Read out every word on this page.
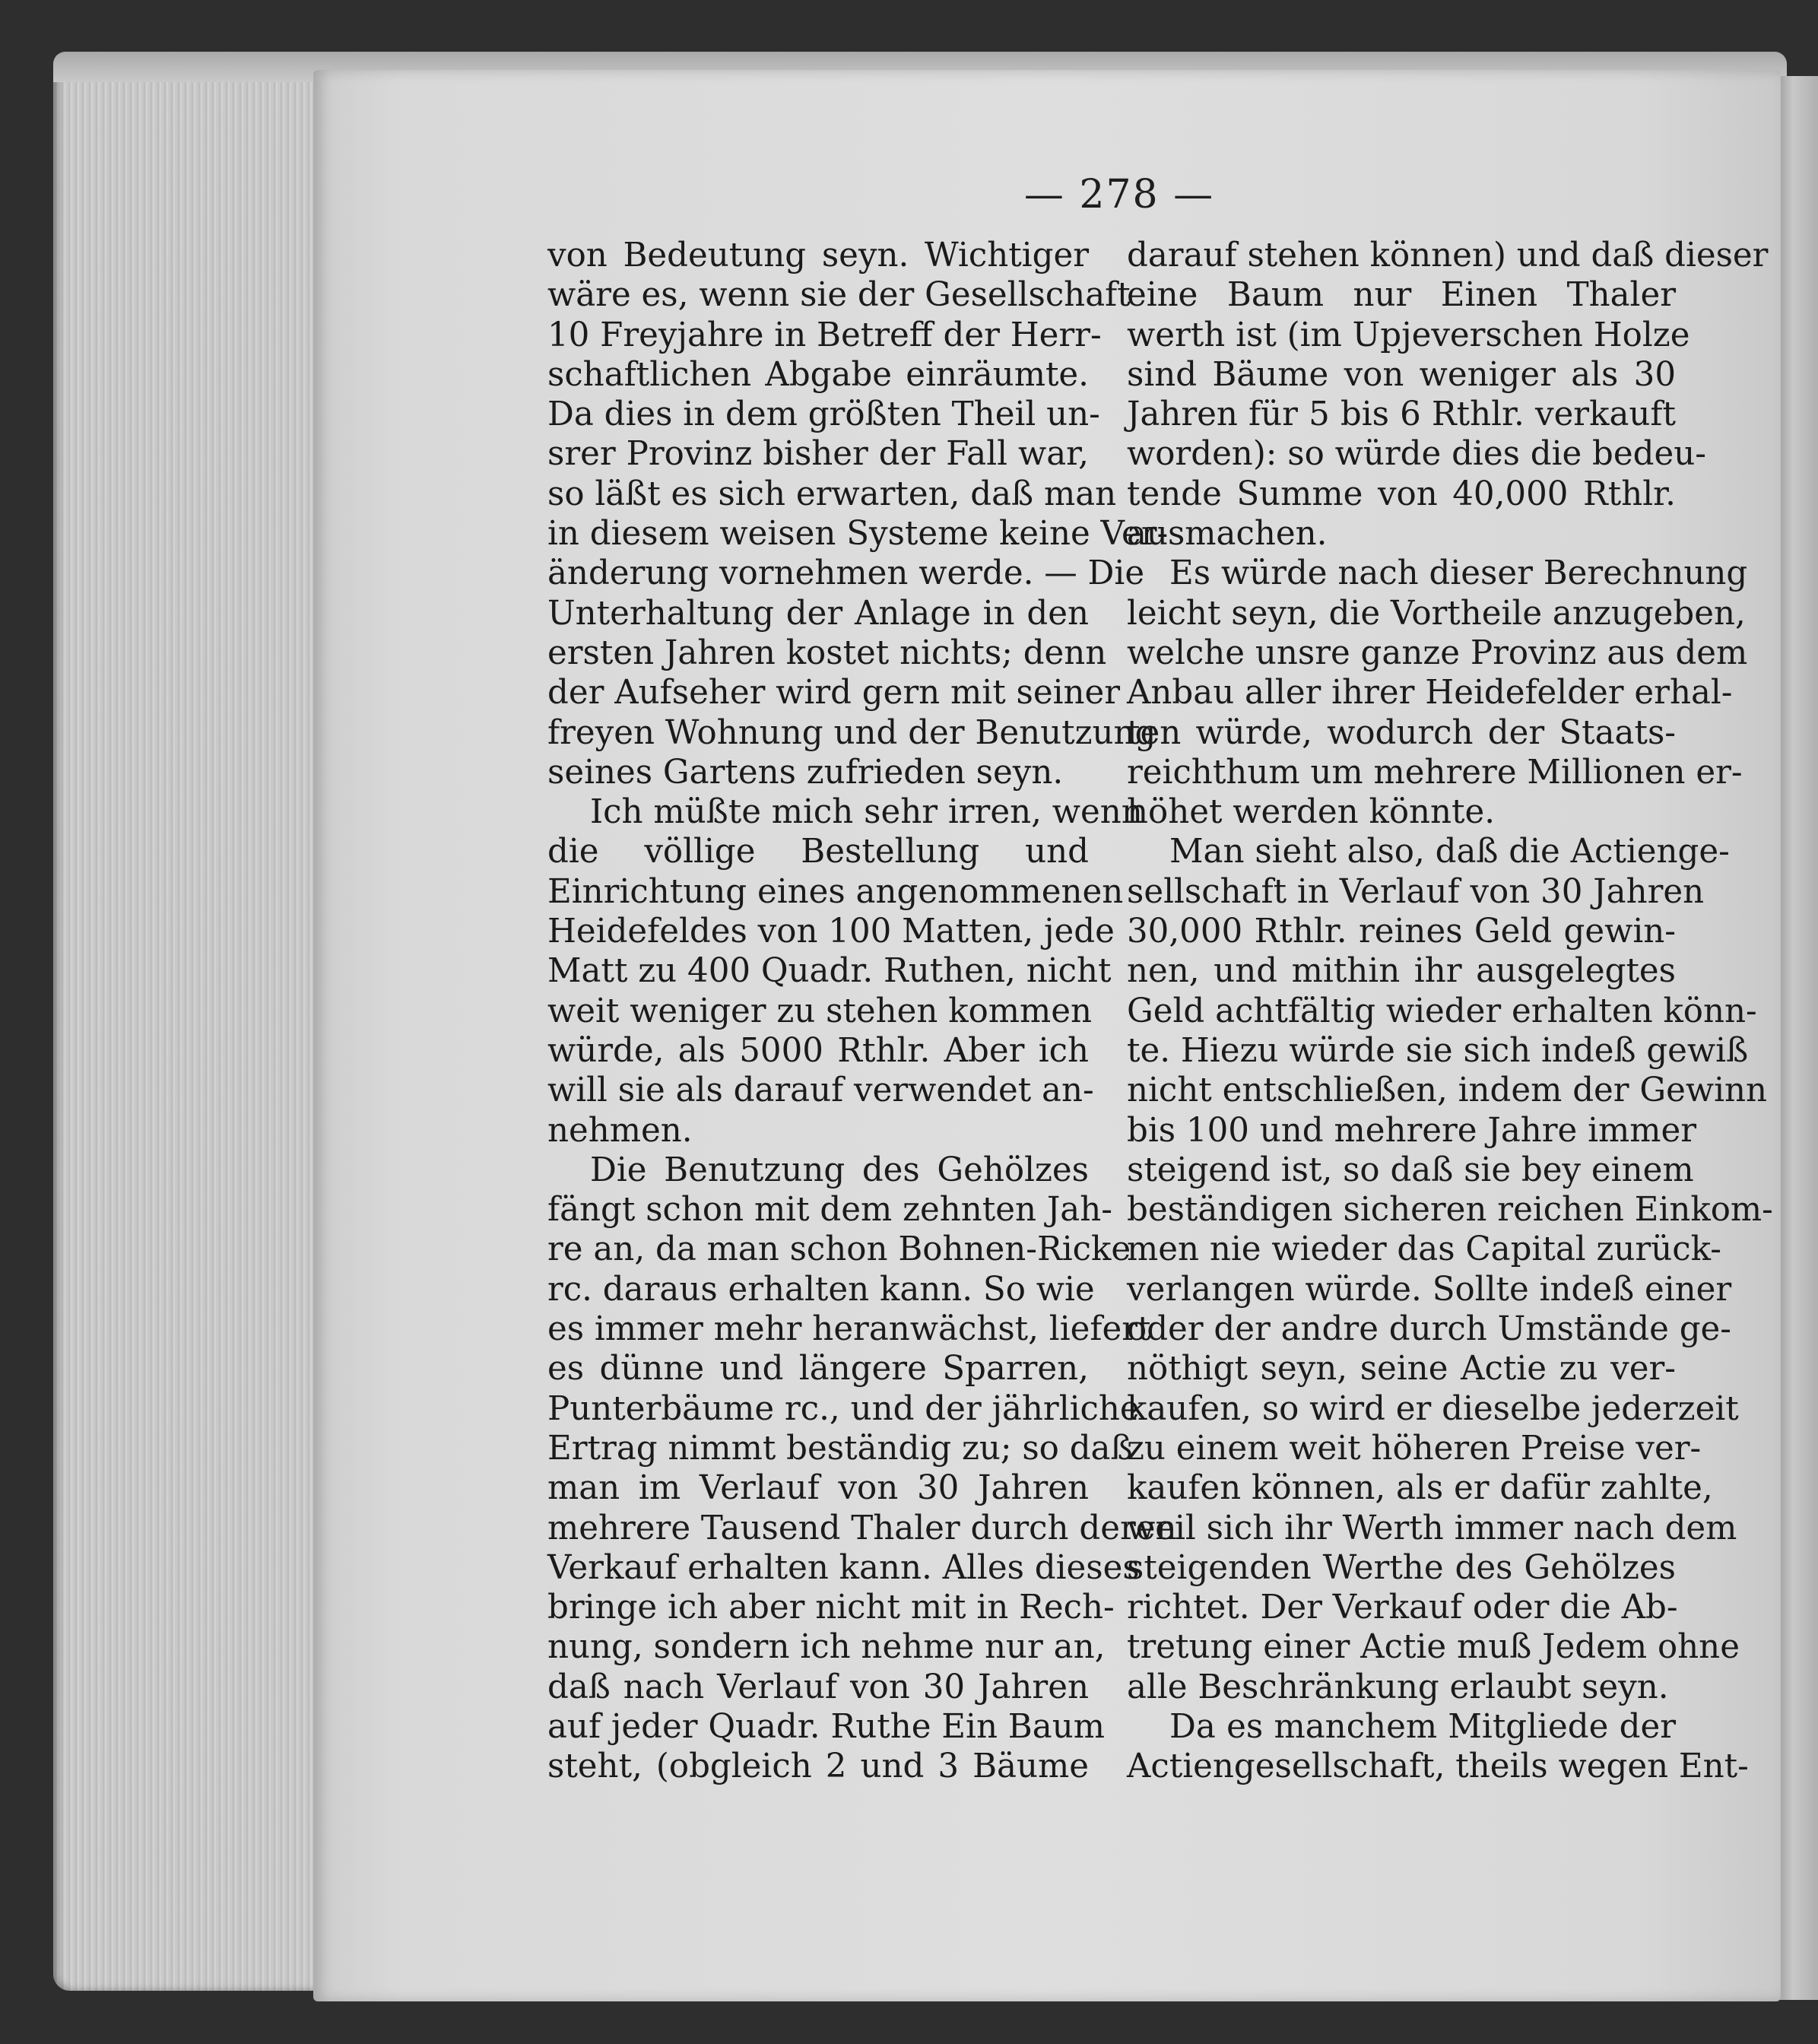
— 278 —
von Bedeutung seyn. Wichtiger
wäre es, wenn sie der Gesellschaft
10 Freyjahre in Betreff der Herr-
schaftlichen Abgabe einräumte.
Da dies in dem größten Theil un-
srer Provinz bisher der Fall war,
so läßt es sich erwarten, daß man
in diesem weisen Systeme keine Ver-
änderung vornehmen werde. — Die
Unterhaltung der Anlage in den
ersten Jahren kostet nichts; denn
der Aufseher wird gern mit seiner
freyen Wohnung und der Benutzung
seines Gartens zufrieden seyn.
Ich müßte mich sehr irren, wenn
die völlige Bestellung und
Einrichtung eines angenommenen
Heidefeldes von 100 Matten, jede
Matt zu 400 Quadr. Ruthen, nicht
weit weniger zu stehen kommen
würde, als 5000 Rthlr. Aber ich
will sie als darauf verwendet an-
nehmen.
Die Benutzung des Gehölzes
fängt schon mit dem zehnten Jah-
re an, da man schon Bohnen-Ricke
rc. daraus erhalten kann. So wie
es immer mehr heranwächst, liefert
es dünne und längere Sparren,
Punterbäume rc., und der jährliche
Ertrag nimmt beständig zu; so daß
man im Verlauf von 30 Jahren
mehrere Tausend Thaler durch deren
Verkauf erhalten kann. Alles dieses
bringe ich aber nicht mit in Rech-
nung, sondern ich nehme nur an,
daß nach Verlauf von 30 Jahren
auf jeder Quadr. Ruthe Ein Baum
steht, (obgleich 2 und 3 Bäume
darauf stehen können) und daß dieser
eine Baum nur Einen Thaler
werth ist (im Upjeverschen Holze
sind Bäume von weniger als 30
Jahren für 5 bis 6 Rthlr. verkauft
worden): so würde dies die bedeu-
tende Summe von 40,000 Rthlr.
ausmachen.
Es würde nach dieser Berechnung
leicht seyn, die Vortheile anzugeben,
welche unsre ganze Provinz aus dem
Anbau aller ihrer Heidefelder erhal-
ten würde, wodurch der Staats-
reichthum um mehrere Millionen er-
höhet werden könnte.
Man sieht also, daß die Actienge-
sellschaft in Verlauf von 30 Jahren
30,000 Rthlr. reines Geld gewin-
nen, und mithin ihr ausgelegtes
Geld achtfältig wieder erhalten könn-
te. Hiezu würde sie sich indeß gewiß
nicht entschließen, indem der Gewinn
bis 100 und mehrere Jahre immer
steigend ist, so daß sie bey einem
beständigen sicheren reichen Einkom-
men nie wieder das Capital zurück-
verlangen würde. Sollte indeß einer
oder der andre durch Umstände ge-
nöthigt seyn, seine Actie zu ver-
kaufen, so wird er dieselbe jederzeit
zu einem weit höheren Preise ver-
kaufen können, als er dafür zahlte,
weil sich ihr Werth immer nach dem
steigenden Werthe des Gehölzes
richtet. Der Verkauf oder die Ab-
tretung einer Actie muß Jedem ohne
alle Beschränkung erlaubt seyn.
Da es manchem Mitgliede der
Actiengesellschaft, theils wegen Ent-
